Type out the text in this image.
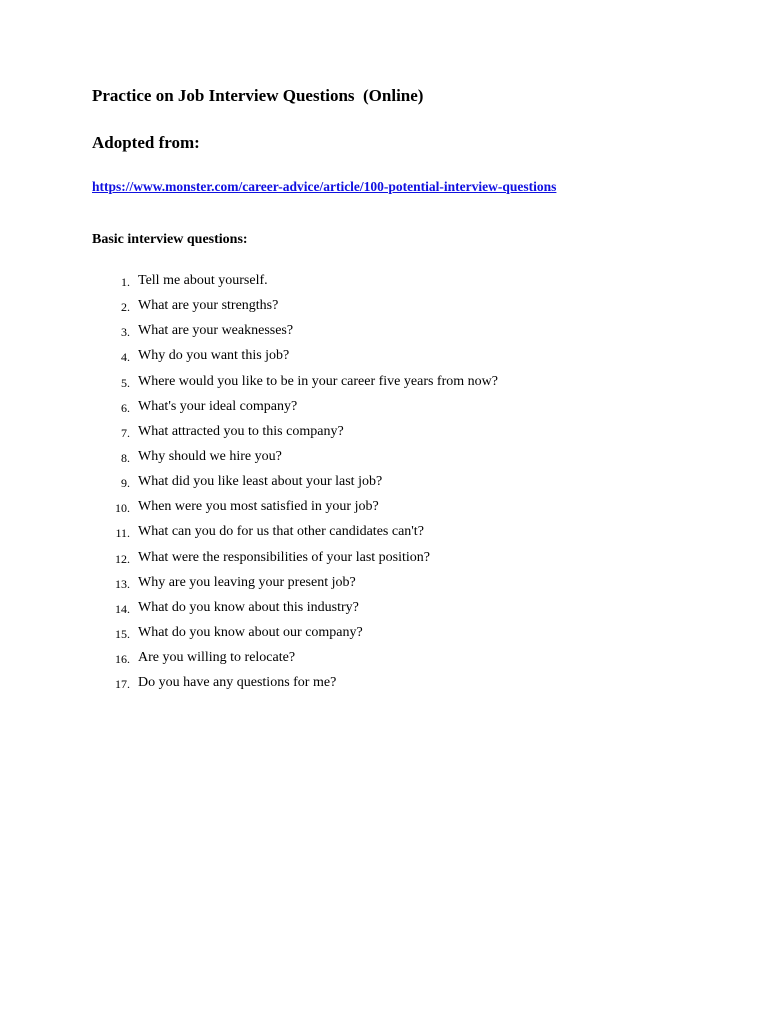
Practice on Job Interview Questions  (Online)
Adopted from:
https://www.monster.com/career-advice/article/100-potential-interview-questions
Basic interview questions:
1. Tell me about yourself.
2. What are your strengths?
3. What are your weaknesses?
4. Why do you want this job?
5. Where would you like to be in your career five years from now?
6. What's your ideal company?
7. What attracted you to this company?
8. Why should we hire you?
9. What did you like least about your last job?
10. When were you most satisfied in your job?
11. What can you do for us that other candidates can't?
12. What were the responsibilities of your last position?
13. Why are you leaving your present job?
14. What do you know about this industry?
15. What do you know about our company?
16. Are you willing to relocate?
17. Do you have any questions for me?
